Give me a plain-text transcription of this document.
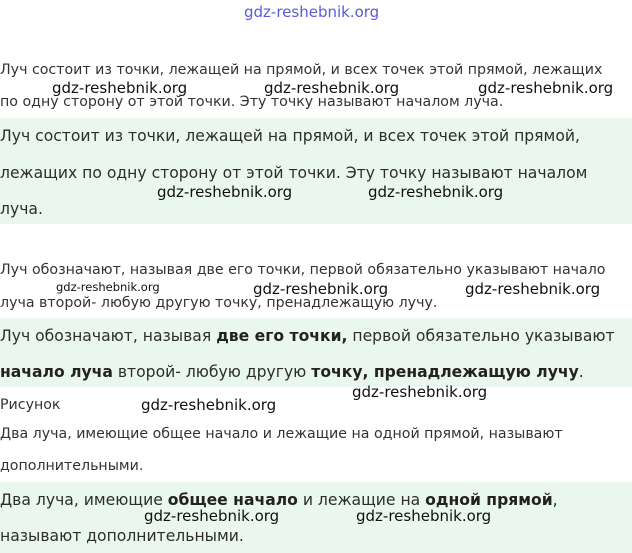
gdz-reshebnik.org
Луч состоит из точки, лежащей на прямой, и всех точек этой прямой, лежащих
по одну сторону от этой точки. Эту точку называют началом луча.
gdz-reshebnik.org	gdz-reshebnik.org	gdz-reshebnik.org
Луч состоит из точки, лежащей на прямой, и всех точек этой прямой,
лежащих по одну сторону от этой точки. Эту точку называют началом
луча.
gdz-reshebnik.org	gdz-reshebnik.org
Луч обозначают, называя две его точки, первой обязательно указывают начало
луча второй- любую другую точку, пренадлежащую лучу.
gdz-reshebnik.org	gdz-reshebnik.org	gdz-reshebnik.org
Луч обозначают, называя две его точки, первой обязательно указывают
начало луча второй- любую другую точку, пренадлежащую лучу.
gdz-reshebnik.org
Рисунок	gdz-reshebnik.org
Два луча, имеющие общее начало и лежащие на одной прямой, называют
дополнительными.
Два луча, имеющие общее начало и лежащие на одной прямой,
называют дополнительными.
gdz-reshebnik.org	gdz-reshebnik.org
